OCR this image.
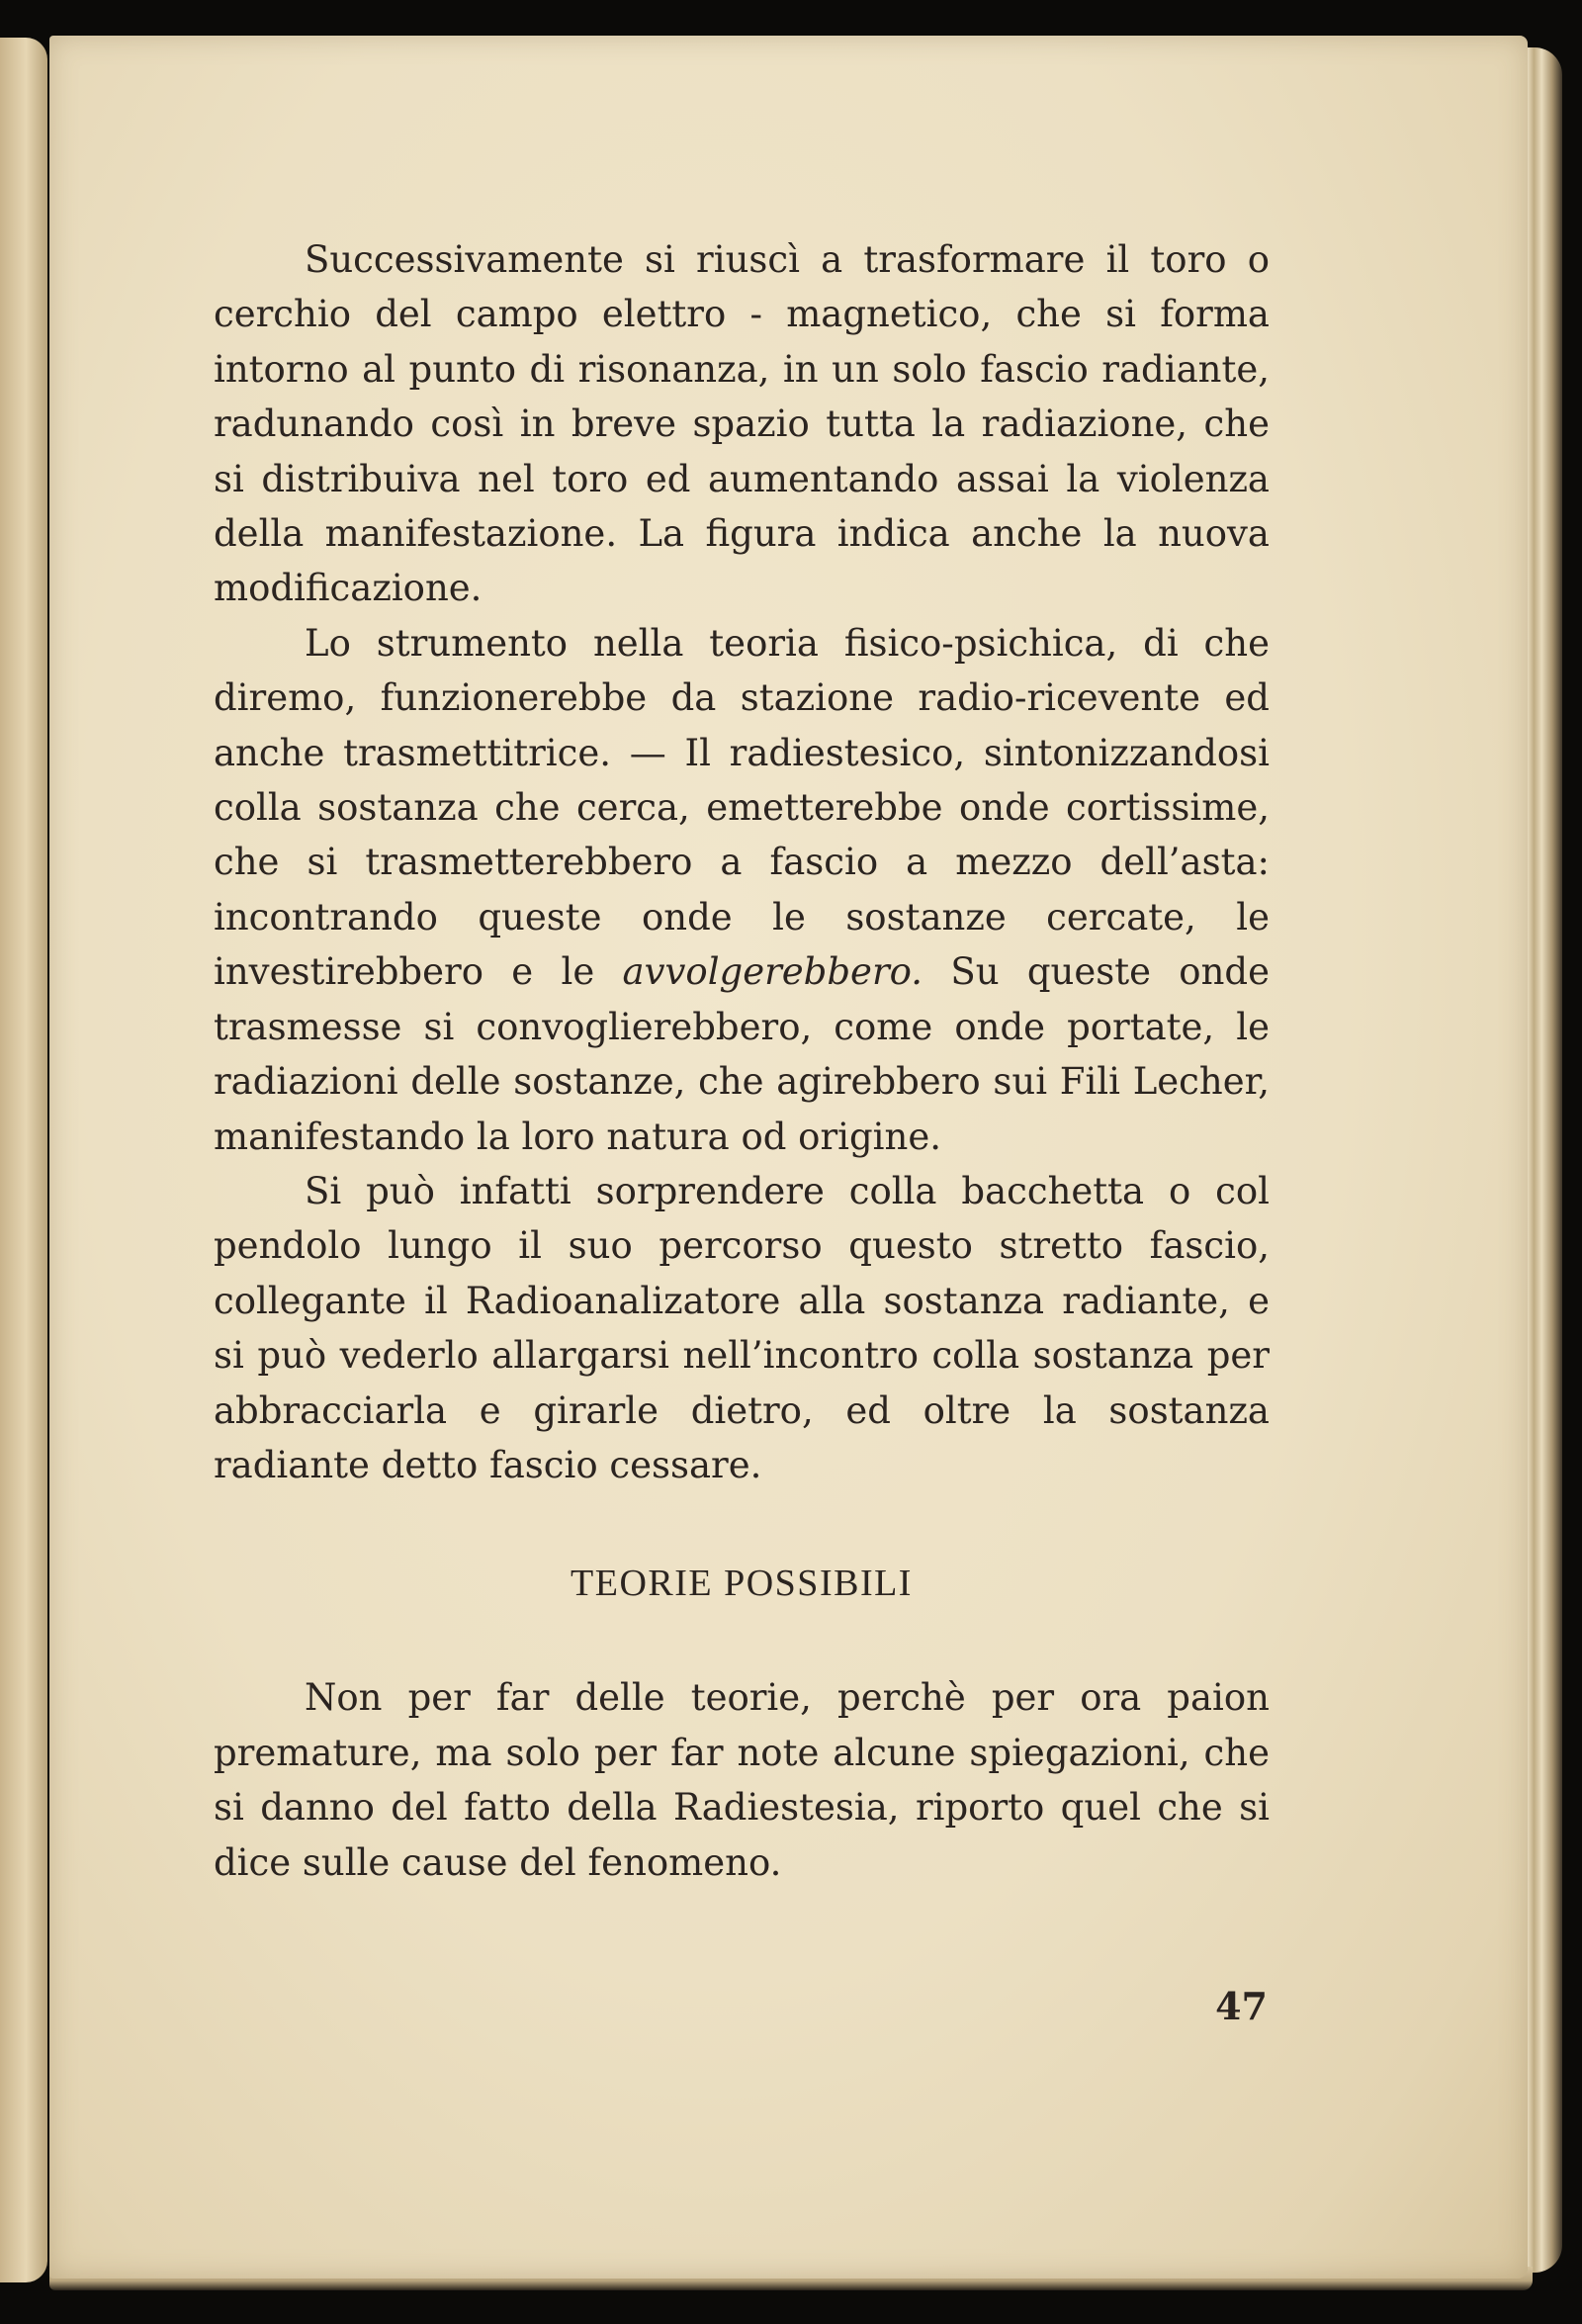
Successivamente si riuscì a trasformare il toro o cerchio del campo elettro - magnetico, che si forma intorno al punto di risonanza, in un solo fascio radiante, radunando così in breve spazio tutta la radiazione, che si distribuiva nel toro ed aumentando assai la violenza della manifestazione. La figura indica anche la nuova modificazione.

Lo strumento nella teoria fisico-psichica, di che diremo, funzionerebbe da stazione radio-ricevente ed anche trasmettitrice. — Il radiestesico, sintonizzandosi colla sostanza che cerca, emetterebbe onde cortissime, che si trasmetterebbero a fascio a mezzo dell’asta: incontrando queste onde le sostanze cercate, le investirebbero e le avvolgerebbero. Su queste onde trasmesse si convoglierebbero, come onde portate, le radiazioni delle sostanze, che agirebbero sui Fili Lecher, manifestando la loro natura od origine.

Si può infatti sorprendere colla bacchetta o col pendolo lungo il suo percorso questo stretto fascio, collegante il Radioanalizatore alla sostanza radiante, e si può vederlo allargarsi nell’incontro colla sostanza per abbracciarla e girarle dietro, ed oltre la sostanza radiante detto fascio cessare.

TEORIE POSSIBILI

Non per far delle teorie, perchè per ora paion premature, ma solo per far note alcune spiegazioni, che si danno del fatto della Radiestesia, riporto quel che si dice sulle cause del fenomeno.

47
